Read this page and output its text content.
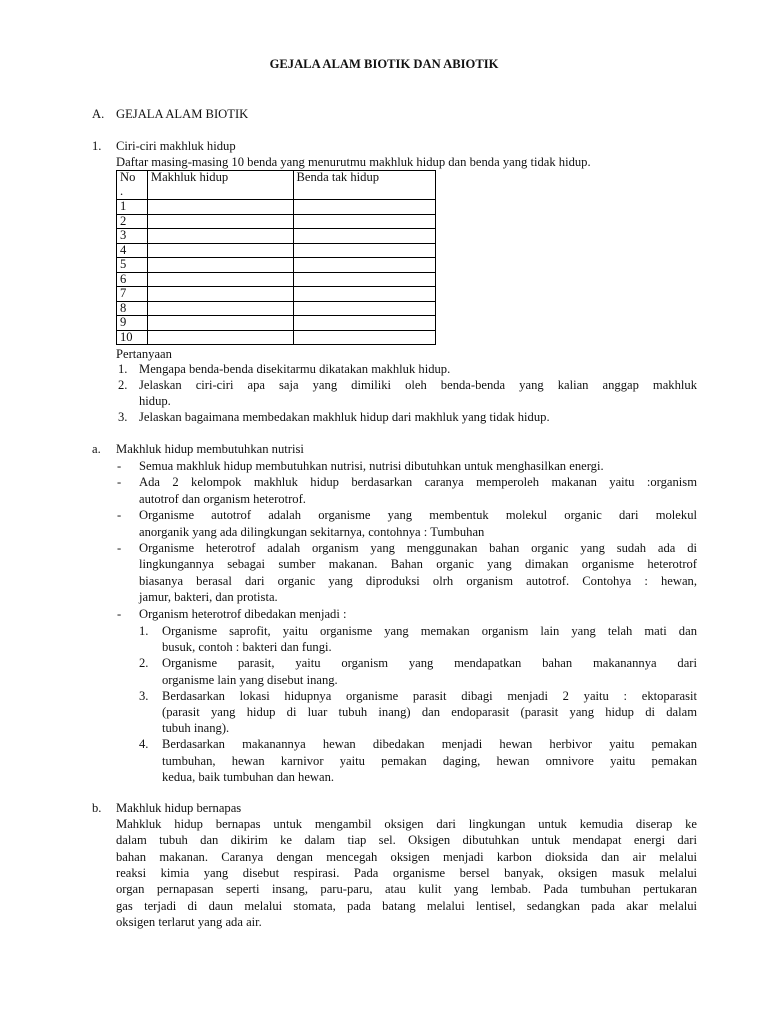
GEJALA ALAM BIOTIK DAN ABIOTIK
A. GEJALA ALAM BIOTIK
1. Ciri-ciri makhluk hidup
Daftar masing-masing 10 benda yang menurutmu makhluk hidup dan benda yang tidak hidup.
No
.	Makhluk hidup	Benda tak hidup
1		
2		
3		
4		
5		
6		
7		
8		
9		
10		
Pertanyaan
1. Mengapa benda-benda disekitarmu dikatakan makhluk hidup.
2. Jelaskan ciri-ciri apa saja yang dimiliki oleh benda-benda yang kalian anggap makhluk
hidup.
3. Jelaskan bagaimana membedakan makhluk hidup dari makhluk yang tidak hidup.
a. Makhluk hidup membutuhkan nutrisi
- Semua makhluk hidup membutuhkan nutrisi, nutrisi dibutuhkan untuk menghasilkan energi.
- Ada 2 kelompok makhluk hidup berdasarkan caranya memperoleh makanan yaitu :organism
autotrof dan organism heterotrof.
- Organisme autotrof adalah organisme yang membentuk molekul organic dari molekul
anorganik yang ada dilingkungan sekitarnya, contohnya : Tumbuhan
- Organisme heterotrof adalah organism yang menggunakan bahan organic yang sudah ada di
lingkungannya sebagai sumber makanan. Bahan organic yang dimakan organisme heterotrof
biasanya berasal dari organic yang diproduksi olrh organism autotrof. Contohya : hewan,
jamur, bakteri, dan protista.
- Organism heterotrof dibedakan menjadi :
1. Organisme saprofit, yaitu organisme yang memakan organism lain yang telah mati dan
busuk, contoh : bakteri dan fungi.
2. Organisme parasit, yaitu organism yang mendapatkan bahan makanannya dari
organisme lain yang disebut inang.
3. Berdasarkan lokasi hidupnya organisme parasit dibagi menjadi 2 yaitu : ektoparasit
(parasit yang hidup di luar tubuh inang) dan endoparasit (parasit yang hidup di dalam
tubuh inang).
4. Berdasarkan makanannya hewan dibedakan menjadi hewan herbivor yaitu pemakan
tumbuhan, hewan karnivor yaitu pemakan daging, hewan omnivore yaitu pemakan
kedua, baik tumbuhan dan hewan.
b. Makhluk hidup bernapas
Mahkluk hidup bernapas untuk mengambil oksigen dari lingkungan untuk kemudia diserap ke
dalam tubuh dan dikirim ke dalam tiap sel. Oksigen dibutuhkan untuk mendapat energi dari
bahan makanan. Caranya dengan mencegah oksigen menjadi karbon dioksida dan air melalui
reaksi kimia yang disebut respirasi. Pada organisme bersel banyak, oksigen masuk melalui
organ pernapasan seperti insang, paru-paru, atau kulit yang lembab. Pada tumbuhan pertukaran
gas terjadi di daun melalui stomata, pada batang melalui lentisel, sedangkan pada akar melalui
oksigen terlarut yang ada air.
